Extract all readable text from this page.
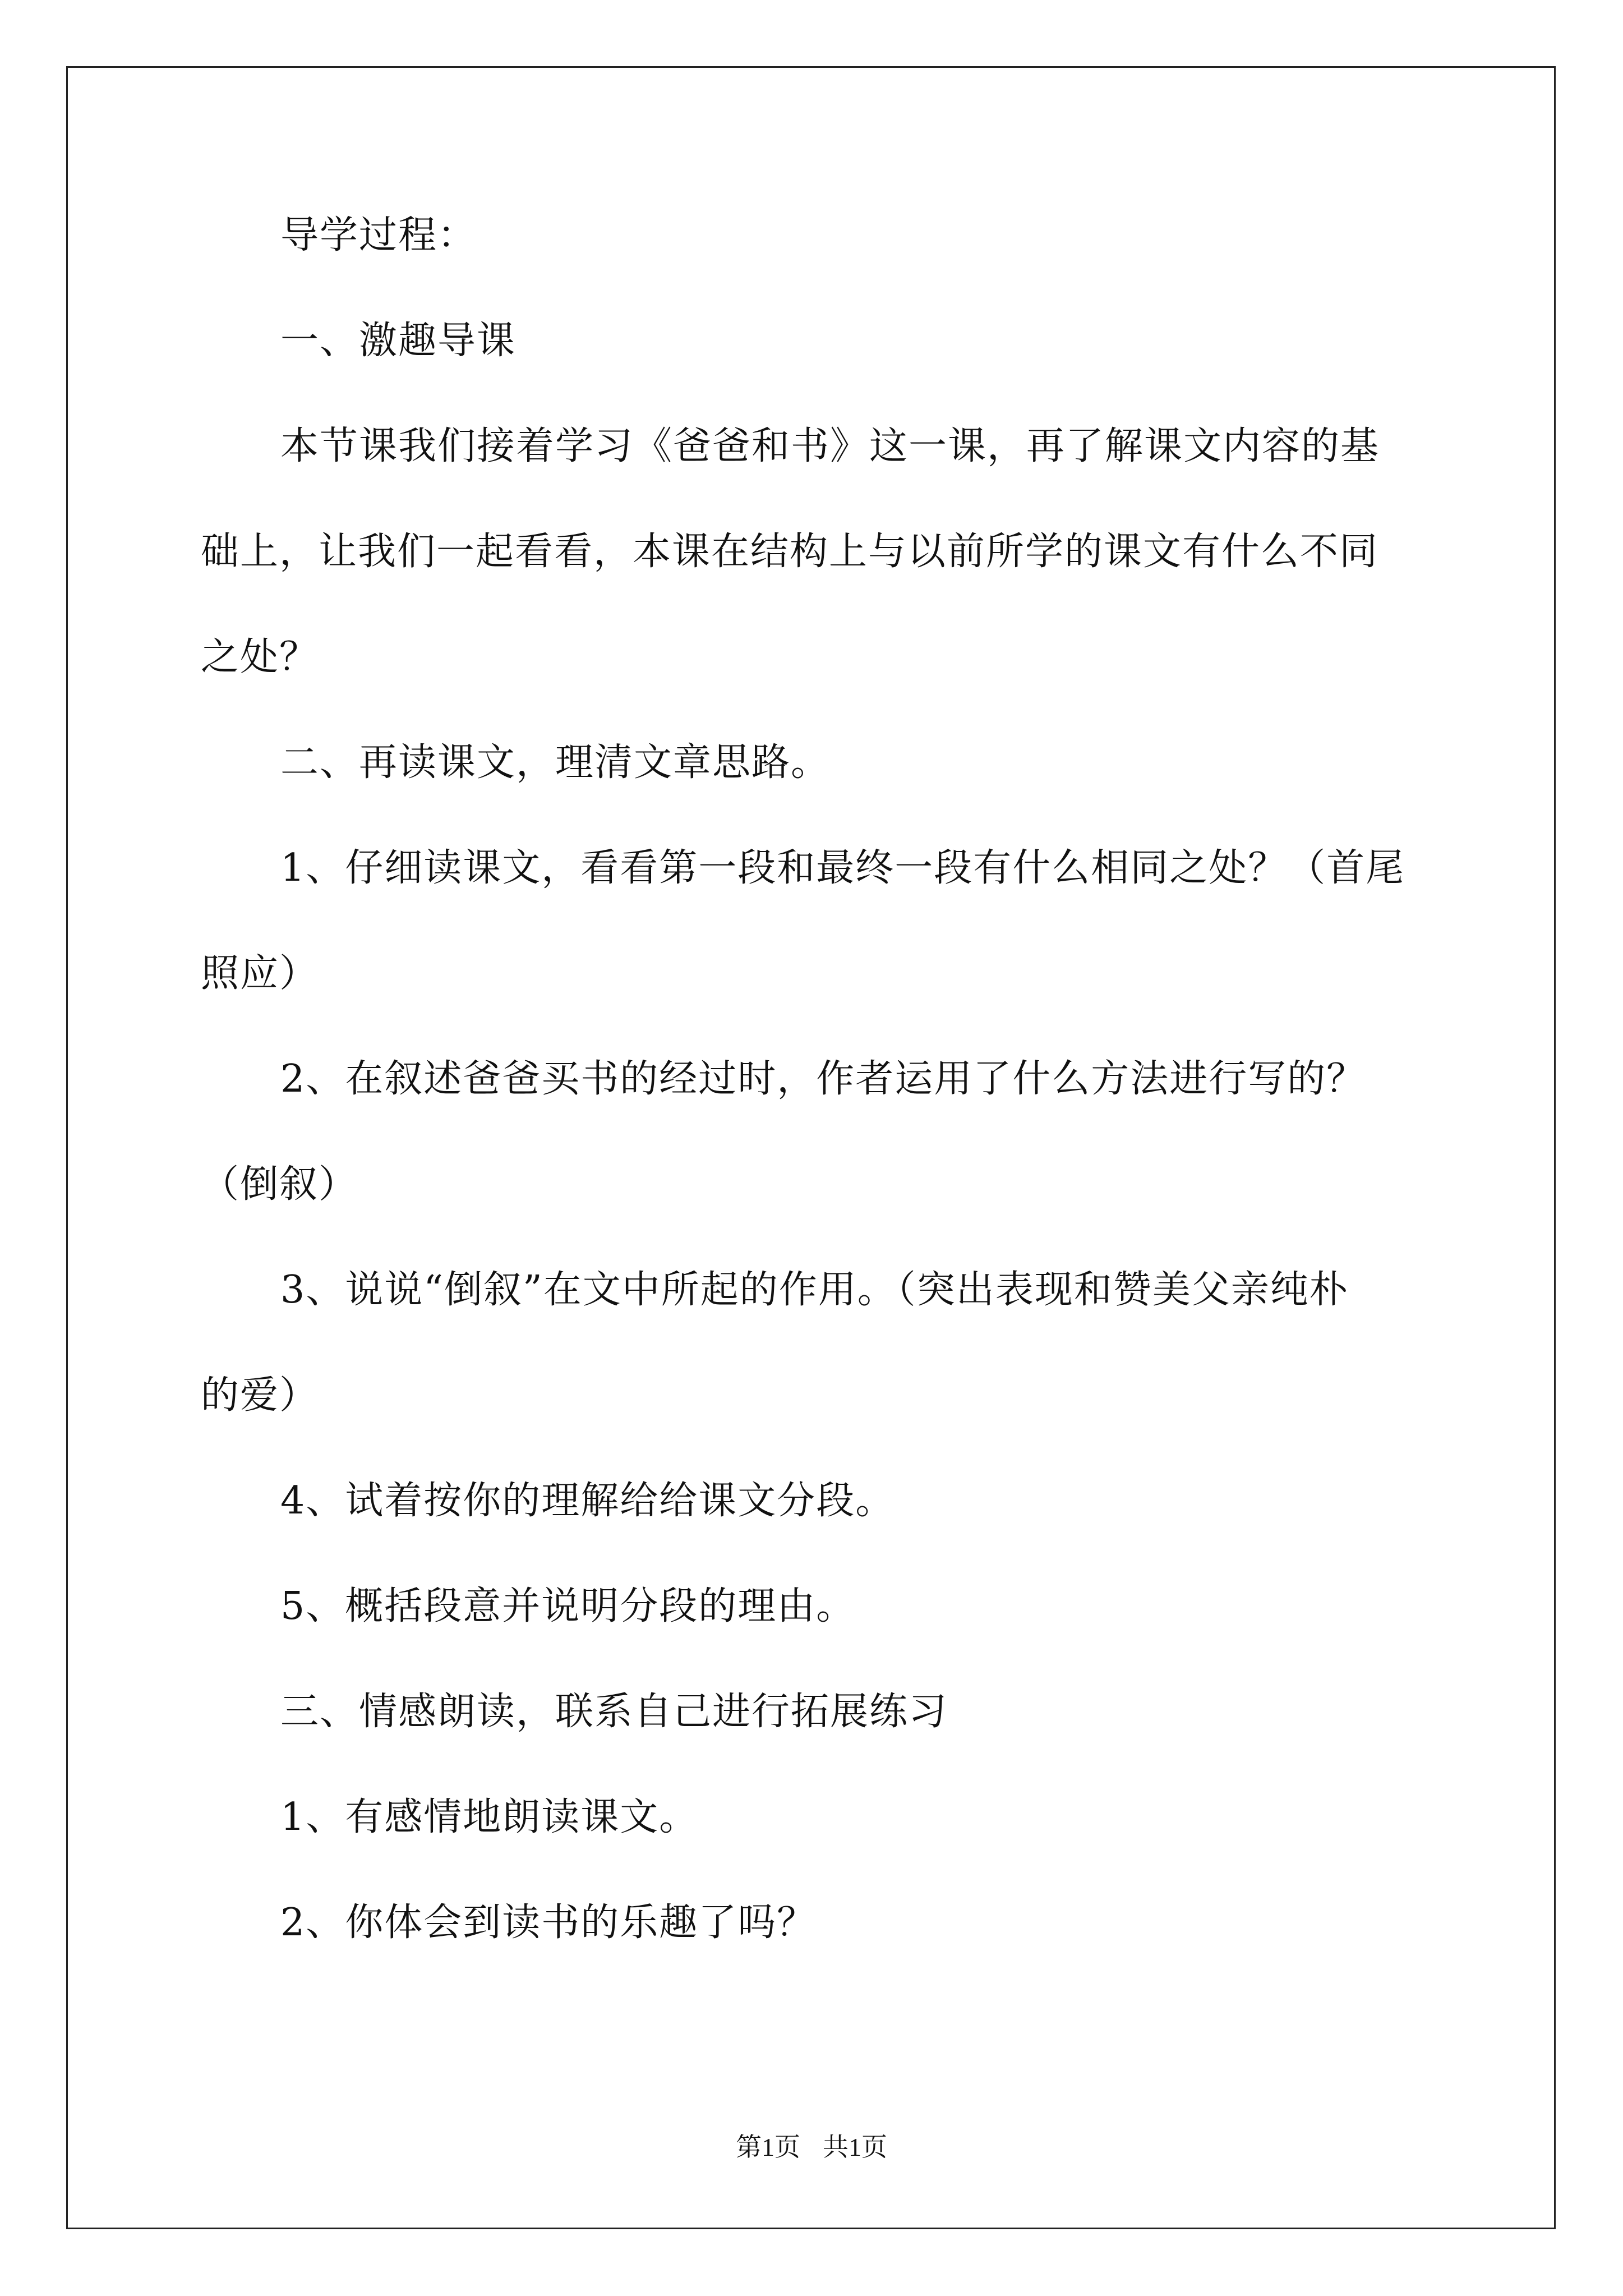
导学过程：
一、激趣导课
本节课我们接着学习《爸爸和书》这一课，再了解课文内容的基
础上，让我们一起看看，本课在结构上与以前所学的课文有什么不同
之处？
二、再读课文，理清文章思路。
1、仔细读课文，看看第一段和最终一段有什么相同之处？（首尾
照应）
2、在叙述爸爸买书的经过时，作者运用了什么方法进行写的？
（倒叙）
3、说说“倒叙”在文中所起的作用。（突出表现和赞美父亲纯朴
的爱）
4、试着按你的理解给给课文分段。
5、概括段意并说明分段的理由。
三、情感朗读，联系自己进行拓展练习
1、有感情地朗读课文。
2、你体会到读书的乐趣了吗？
第1页 共1页
